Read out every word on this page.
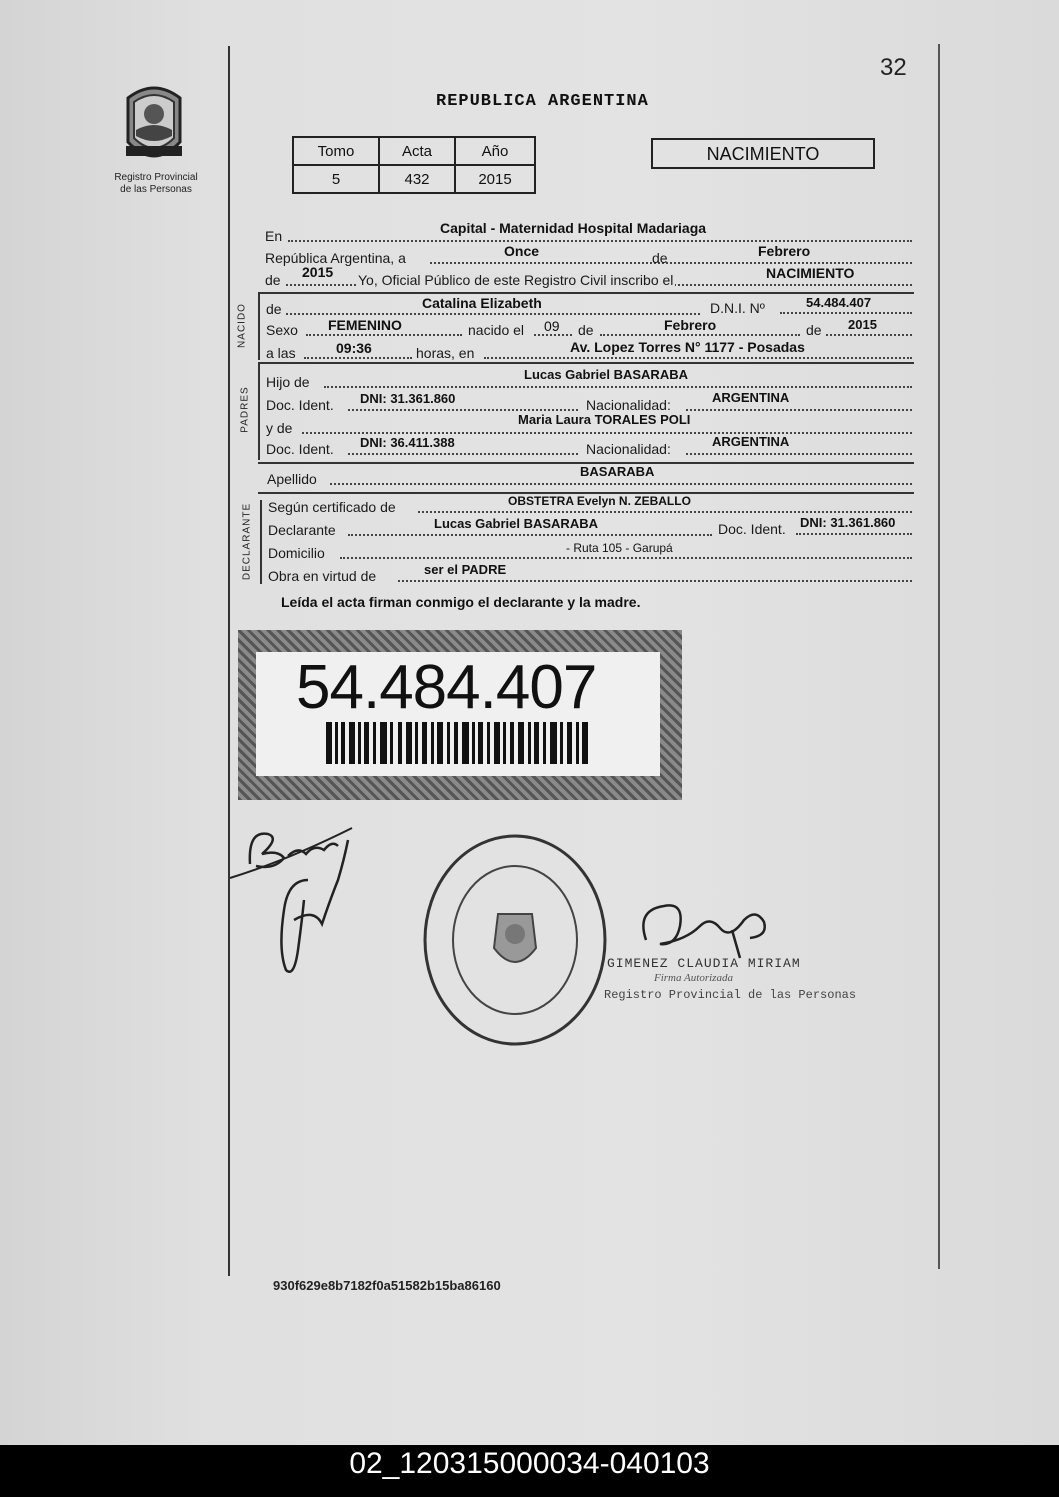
32
Registro Provincial
de las Personas
REPUBLICA ARGENTINA
Tomo	Acta	Año
5	432	2015
NACIMIENTO
En	Capital - Maternidad Hospital Madariaga
República Argentina, a	Once	de	Febrero
de 2015 Yo, Oficial Público de este Registro Civil inscribo el	NACIMIENTO
NACIDO de	Catalina Elizabeth	D.N.I. Nº	54.484.407
Sexo FEMENINO	nacido el 09 de	Febrero	de 2015
a las	09:36	horas, en	Av. Lopez Torres N° 1177 - Posadas
PADRES
Hijo de	Lucas Gabriel BASARABA
Doc. Ident. DNI: 31.361.860	Nacionalidad:	ARGENTINA
y de
Maria Laura TORALES POLI
Doc. Ident. DNI: 36.411.388	Nacionalidad:	ARGENTINA
Apellido	BASARABA
DECLARANTE Según certificado de	OBSTETRA Evelyn N. ZEBALLO
Declarante	Lucas Gabriel BASARABA	Doc. Ident. DNI: 31.361.860
Domicilio	- Ruta 105 - Garupá
Obra en virtud de	ser el PADRE
Leída el acta firman conmigo el declarante y la madre.
54.484.407
GIMENEZ CLAUDIA MIRIAM
Firma Autorizada
Registro Provincial de las Personas
930f629e8b7182f0a51582b15ba86160
02_120315000034-040103
